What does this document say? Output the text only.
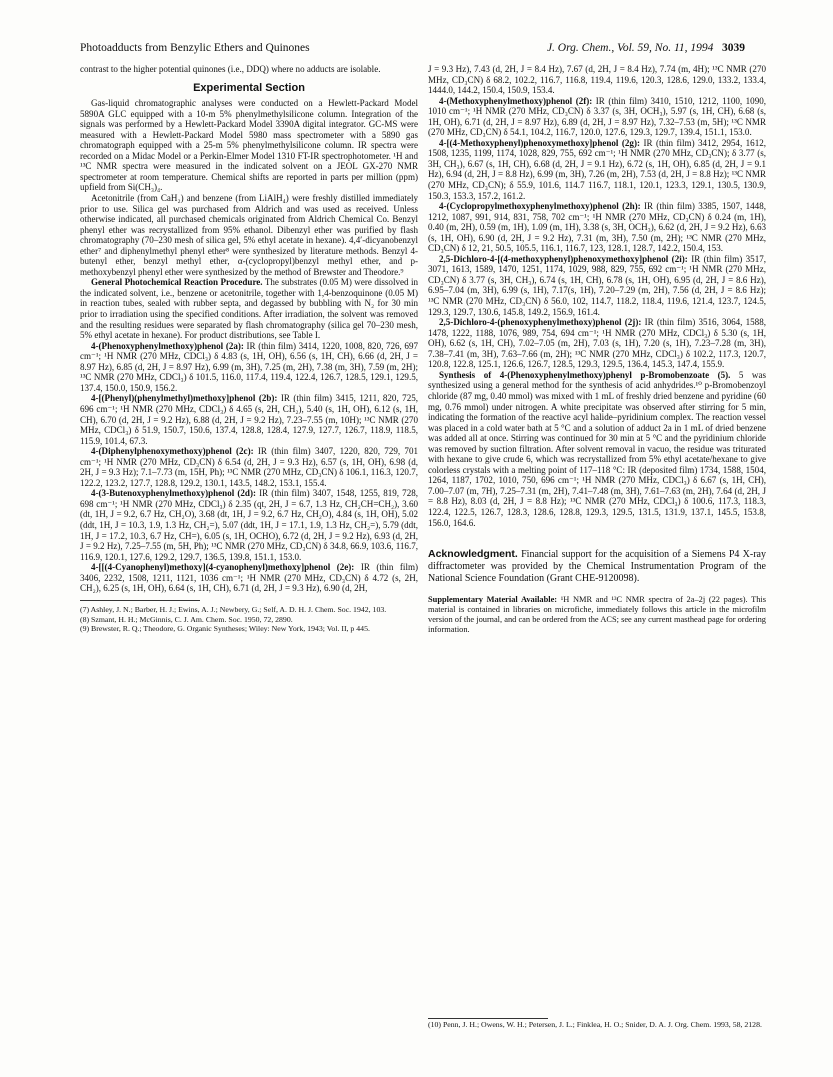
Photoadducts from Benzylic Ethers and Quinones	J. Org. Chem., Vol. 59, No. 11, 1994 3039

contrast to the higher potential quinones (i.e., DDQ) where no adducts are isolable.

Experimental Section

Gas-liquid chromatographic analyses were conducted on a Hewlett-Packard Model 5890A GLC equipped with a 10-m 5% phenylmethylsilicone column. Integration of the signals was performed by a Hewlett-Packard Model 3390A digital integrator. GC-MS were measured with a Hewlett-Packard Model 5980 mass spectrometer with a 5890 gas chromatograph equipped with a 25-m 5% phenylmethylsilicone column. IR spectra were recorded on a Midac Model or a Perkin-Elmer Model 1310 FT-IR spectrophotometer. ¹H and ¹³C NMR spectra were measured in the indicated solvent on a JEOL GX-270 NMR spectrometer at room temperature. Chemical shifts are reported in parts per million (ppm) upfield from Si(CH₃)₄.

Acetonitrile (from CaH₂) and benzene (from LiAlH₄) were freshly distilled immediately prior to use. Silica gel was purchased from Aldrich and was used as received. Unless otherwise indicated, all purchased chemicals originated from Aldrich Chemical Co. Benzyl phenyl ether was recrystallized from 95% ethanol. Dibenzyl ether was purified by flash chromatography (70–230 mesh of silica gel, 5% ethyl acetate in hexane). 4,4′-dicyanobenzyl ether⁷ and diphenylmethyl phenyl ether⁸ were synthesized by literature methods. Benzyl 4-butenyl ether, benzyl methyl ether, α-(cyclopropyl)benzyl methyl ether, and p-methoxybenzyl phenyl ether were synthesized by the method of Brewster and Theodore.⁹

General Photochemical Reaction Procedure. The substrates (0.05 M) were dissolved in the indicated solvent, i.e., benzene or acetonitrile, together with 1,4-benzoquinone (0.05 M) in reaction tubes, sealed with rubber septa, and degassed by bubbling with N₂ for 30 min prior to irradiation using the specified conditions. After irradiation, the solvent was removed and the resulting residues were separated by flash chromatography (silica gel 70–230 mesh, 5% ethyl acetate in hexane). For product distributions, see Table I.

4-(Phenoxyphenylmethoxy)phenol (2a): IR (thin film) 3414, 1220, 1008, 820, 726, 697 cm⁻¹; ¹H NMR (270 MHz, CDCl₃) δ 4.83 (s, 1H, OH), 6.56 (s, 1H, CH), 6.66 (d, 2H, J = 8.97 Hz), 6.85 (d, 2H, J = 8.97 Hz), 6.99 (m, 3H), 7.25 (m, 2H), 7.38 (m, 3H), 7.59 (m, 2H); ¹³C NMR (270 MHz, CDCl₃) δ 101.5, 116.0, 117.4, 119.4, 122.4, 126.7, 128.5, 129.1, 129.5, 137.4, 150.0, 150.9, 156.2.

4-[(Phenyl)(phenylmethyl)methoxy]phenol (2b): IR (thin film) 3415, 1211, 820, 725, 696 cm⁻¹; ¹H NMR (270 MHz, CDCl₃) δ 4.65 (s, 2H, CH₂), 5.40 (s, 1H, OH), 6.12 (s, 1H, CH), 6.70 (d, 2H, J = 9.2 Hz), 6.88 (d, 2H, J = 9.2 Hz), 7.23–7.55 (m, 10H); ¹³C NMR (270 MHz, CDCl₃) δ 51.9, 150.7, 150.6, 137.4, 128.8, 128.4, 127.9, 127.7, 126.7, 118.9, 118.5, 115.9, 101.4, 67.3.

4-(Diphenylphenoxymethoxy)phenol (2c): IR (thin film) 3407, 1220, 820, 729, 701 cm⁻¹; ¹H NMR (270 MHz, CD₃CN) δ 6.54 (d, 2H, J = 9.3 Hz), 6.57 (s, 1H, OH), 6.98 (d, 2H, J = 9.3 Hz); 7.1–7.73 (m, 15H, Ph); ¹³C NMR (270 MHz, CD₃CN) δ 106.1, 116.3, 120.7, 122.2, 123.2, 127.7, 128.8, 129.2, 130.1, 143.5, 148.2, 153.1, 155.4.

4-(3-Butenoxyphenylmethoxy)phenol (2d): IR (thin film) 3407, 1548, 1255, 819, 728, 698 cm⁻¹; ¹H NMR (270 MHz, CDCl₃) δ 2.35 (qt, 2H, J = 6.7, 1.3 Hz, CH₂CH=CH₂), 3.60 (dt, 1H, J = 9.2, 6.7 Hz, CH₂O), 3.68 (dt, 1H, J = 9.2, 6.7 Hz, CH₂O), 4.84 (s, 1H, OH), 5.02 (ddt, 1H, J = 10.3, 1.9, 1.3 Hz, CH₂=), 5.07 (ddt, 1H, J = 17.1, 1.9, 1.3 Hz, CH₂=), 5.79 (ddt, 1H, J = 17.2, 10.3, 6.7 Hz, CH=), 6.05 (s, 1H, OCHO), 6.72 (d, 2H, J = 9.2 Hz), 6.93 (d, 2H, J = 9.2 Hz), 7.25–7.55 (m, 5H, Ph); ¹³C NMR (270 MHz, CD₃CN) δ 34.8, 66.9, 103.6, 116.7, 116.9, 120.1, 127.6, 129.2, 129.7, 136.5, 139.8, 151.1, 153.0.

4-[[(4-Cyanophenyl)methoxy](4-cyanophenyl)methoxy]phenol (2e): IR (thin film) 3406, 2232, 1508, 1211, 1121, 1036 cm⁻¹; ¹H NMR (270 MHz, CD₃CN) δ 4.72 (s, 2H, CH₂), 6.25 (s, 1H, OH), 6.64 (s, 1H, CH), 6.71 (d, 2H, J = 9.3 Hz), 6.90 (d, 2H,

(7) Ashley, J. N.; Barber, H. J.; Ewins, A. J.; Newbery, G.; Self, A. D. H. J. Chem. Soc. 1942, 103.
(8) Szmant, H. H.; McGinnis, C. J. Am. Chem. Soc. 1950, 72, 2890.
(9) Brewster, R. Q.; Theodore, G. Organic Syntheses; Wiley: New York, 1943; Vol. II, p 445.

J = 9.3 Hz), 7.43 (d, 2H, J = 8.4 Hz), 7.67 (d, 2H, J = 8.4 Hz), 7.74 (m, 4H); ¹³C NMR (270 MHz, CD₃CN) δ 68.2, 102.2, 116.7, 116.8, 119.4, 119.6, 120.3, 128.6, 129.0, 133.2, 133.4, 1444.0, 144.2, 150.4, 150.9, 153.4.

4-(Methoxyphenylmethoxy)phenol (2f): IR (thin film) 3410, 1510, 1212, 1100, 1090, 1010 cm⁻¹; ¹H NMR (270 MHz, CD₃CN) δ 3.37 (s, 3H, OCH₃), 5.97 (s, 1H, CH), 6.68 (s, 1H, OH), 6.71 (d, 2H, J = 8.97 Hz), 6.89 (d, 2H, J = 8.97 Hz), 7.32–7.53 (m, 5H); ¹³C NMR (270 MHz, CD₃CN) δ 54.1, 104.2, 116.7, 120.0, 127.6, 129.3, 129.7, 139.4, 151.1, 153.0.

4-[(4-Methoxyphenyl)phenoxymethoxy]phenol (2g): IR (thin film) 3412, 2954, 1612, 1508, 1235, 1199, 1174, 1028, 829, 755, 692 cm⁻¹; ¹H NMR (270 MHz, CD₃CN); δ 3.77 (s, 3H, CH₃), 6.67 (s, 1H, CH), 6.68 (d, 2H, J = 9.1 Hz), 6.72 (s, 1H, OH), 6.85 (d, 2H, J = 9.1 Hz), 6.94 (d, 2H, J = 8.8 Hz), 6.99 (m, 3H), 7.26 (m, 2H), 7.53 (d, 2H, J = 8.8 Hz); ¹³C NMR (270 MHz, CD₃CN); δ 55.9, 101.6, 114.7 116.7, 118.1, 120.1, 123.3, 129.1, 130.5, 130.9, 150.3, 153.3, 157.2, 161.2.

4-(Cyclopropylmethoxyphenylmethoxy)phenol (2h): IR (thin film) 3385, 1507, 1448, 1212, 1087, 991, 914, 831, 758, 702 cm⁻¹; ¹H NMR (270 MHz, CD₃CN) δ 0.24 (m, 1H), 0.40 (m, 2H), 0.59 (m, 1H), 1.09 (m, 1H), 3.38 (s, 3H, OCH₃), 6.62 (d, 2H, J = 9.2 Hz), 6.63 (s, 1H, OH), 6.90 (d, 2H, J = 9.2 Hz), 7.31 (m, 3H), 7.50 (m, 2H); ¹³C NMR (270 MHz, CD₃CN) δ 12, 21, 50.5, 105.5, 116.1, 116.7, 123, 128.1, 128.7, 142.2, 150.4, 153.

2,5-Dichloro-4-[(4-methoxyphenyl)phenoxymethoxy]phenol (2i): IR (thin film) 3517, 3071, 1613, 1589, 1470, 1251, 1174, 1029, 988, 829, 755, 692 cm⁻¹; ¹H NMR (270 MHz, CD₃CN) δ 3.77 (s, 3H, CH₃), 6.74 (s, 1H, CH), 6.78 (s, 1H, OH), 6.95 (d, 2H, J = 8.6 Hz), 6.95–7.04 (m, 3H), 6.99 (s, 1H), 7.17(s, 1H), 7.20–7.29 (m, 2H), 7.56 (d, 2H, J = 8.6 Hz); ¹³C NMR (270 MHz, CD₃CN) δ 56.0, 102, 114.7, 118.2, 118.4, 119.6, 121.4, 123.7, 124.5, 129.3, 129.7, 130.6, 145.8, 149.2, 156.9, 161.4.

2,5-Dichloro-4-(phenoxyphenylmethoxy)phenol (2j): IR (thin film) 3516, 3064, 1588, 1478, 1222, 1188, 1076, 989, 754, 694 cm⁻¹; ¹H NMR (270 MHz, CDCl₃) δ 5.30 (s, 1H, OH), 6.62 (s, 1H, CH), 7.02–7.05 (m, 2H), 7.03 (s, 1H), 7.20 (s, 1H), 7.23–7.28 (m, 3H), 7.38–7.41 (m, 3H), 7.63–7.66 (m, 2H); ¹³C NMR (270 MHz, CDCl₃) δ 102.2, 117.3, 120.7, 120.8, 122.8, 125.1, 126.6, 126.7, 128.5, 129.3, 129.5, 136.4, 145.3, 147.4, 155.9.

Synthesis of 4-(Phenoxyphenylmethoxy)phenyl p-Bromobenzoate (5). 5 was synthesized using a general method for the synthesis of acid anhydrides.¹⁰ p-Bromobenzoyl chloride (87 mg, 0.40 mmol) was mixed with 1 mL of freshly dried benzene and pyridine (60 mg, 0.76 mmol) under nitrogen. A white precipitate was observed after stirring for 5 min, indicating the formation of the reactive acyl halide–pyridinium complex. The reaction vessel was placed in a cold water bath at 5 °C and a solution of adduct 2a in 1 mL of dried benzene was added all at once. Stirring was continued for 30 min at 5 °C and the pyridinium chloride was removed by suction filtration. After solvent removal in vacuo, the residue was triturated with hexane to give crude 6, which was recrystallized from 5% ethyl acetate/hexane to give colorless crystals with a melting point of 117–118 °C: IR (deposited film) 1734, 1588, 1504, 1264, 1187, 1702, 1010, 750, 696 cm⁻¹; ¹H NMR (270 MHz, CDCl₃) δ 6.67 (s, 1H, CH), 7.00–7.07 (m, 7H), 7.25–7.31 (m, 2H), 7.41–7.48 (m, 3H), 7.61–7.63 (m, 2H), 7.64 (d, 2H, J = 8.8 Hz), 8.03 (d, 2H, J = 8.8 Hz); ¹³C NMR (270 MHz, CDCl₃) δ 100.6, 117.3, 118.3, 122.4, 122.5, 126.7, 128.3, 128.6, 128.8, 129.3, 129.5, 131.5, 131.9, 137.1, 145.5, 153.8, 156.0, 164.6.

Acknowledgment. Financial support for the acquisition of a Siemens P4 X-ray diffractometer was provided by the Chemical Instrumentation Program of the National Science Foundation (Grant CHE-9120098).

Supplementary Material Available: ¹H NMR and ¹³C NMR spectra of 2a–2j (22 pages). This material is contained in libraries on microfiche, immediately follows this article in the microfilm version of the journal, and can be ordered from the ACS; see any current masthead page for ordering information.

(10) Penn, J. H.; Owens, W. H.; Petersen, J. L.; Finklea, H. O.; Snider, D. A. J. Org. Chem. 1993, 58, 2128.
